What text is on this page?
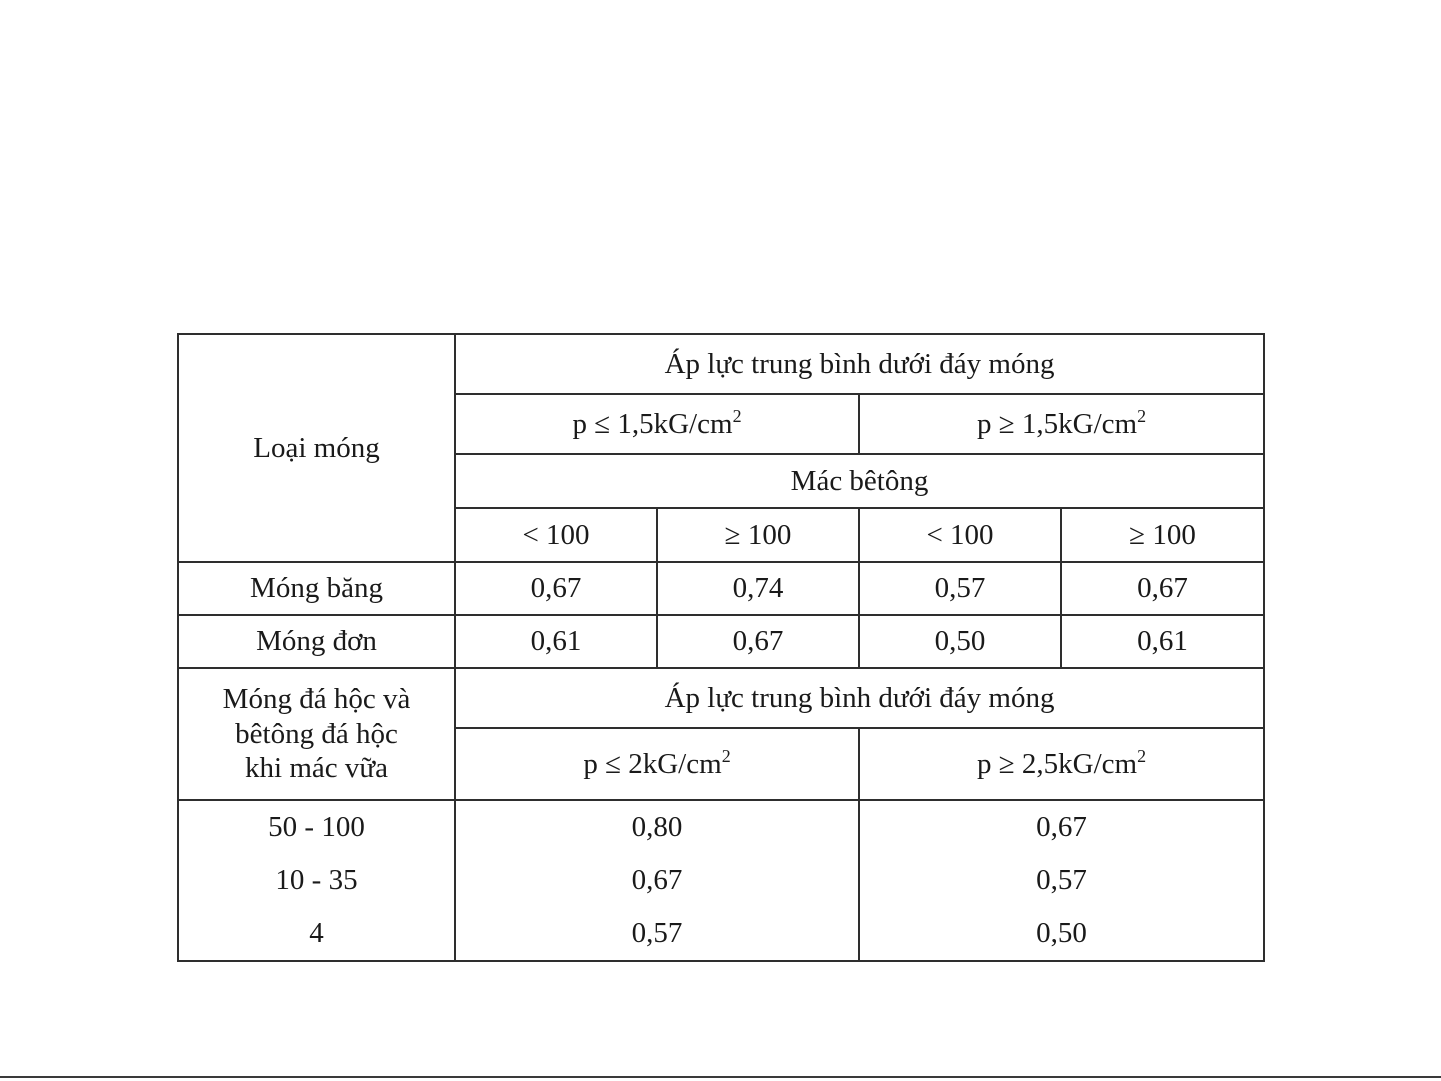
Loại móng	Áp lực trung bình dưới đáy móng			
	$p \le 1,5kG/cm^2$		$p \ge 1,5kG/cm^2$
	Mác bêtông			
	< 100	≥ 100	< 100	≥ 100
Móng băng	0,67	0,74	0,57	0,67
Móng đơn	0,61	0,67	0,50	0,61

Móng đá hộc và
bêtông đá hộc
khi mác vữa	Áp lực trung bình dưới đáy móng			
	$p \le 2kG/cm^2$		$p \ge 2,5kG/cm^2$
50 - 100	0,80		0,67	
10 - 35	0,67		0,57	
4	0,57		0,50	
